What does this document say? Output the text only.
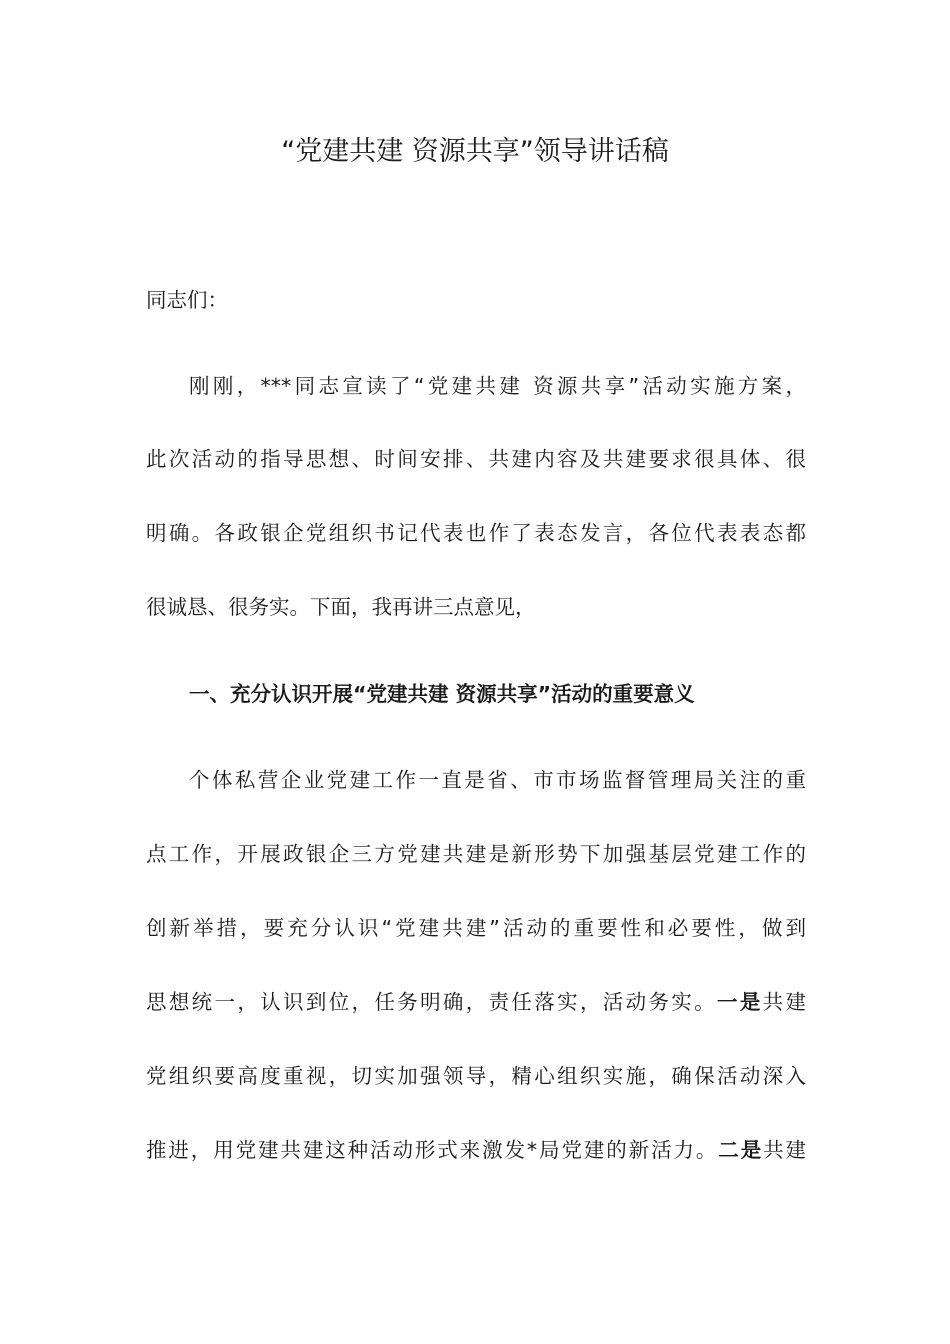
“党建共建 资源共享”领导讲话稿
同志们：
刚刚，***同志宣读了“党建共建 资源共享”活动实施方案，
此次活动的指导思想、时间安排、共建内容及共建要求很具体、很
明确。各政银企党组织书记代表也作了表态发言，各位代表表态都
很诚恳、很务实。下面，我再讲三点意见，
一、充分认识开展“党建共建 资源共享”活动的重要意义
个体私营企业党建工作一直是省、市市场监督管理局关注的重
点工作，开展政银企三方党建共建是新形势下加强基层党建工作的
创新举措，要充分认识“党建共建”活动的重要性和必要性，做到
思想统一，认识到位，任务明确，责任落实，活动务实。一是共建
党组织要高度重视，切实加强领导，精心组织实施，确保活动深入
推进，用党建共建这种活动形式来激发*局党建的新活力。二是共建
